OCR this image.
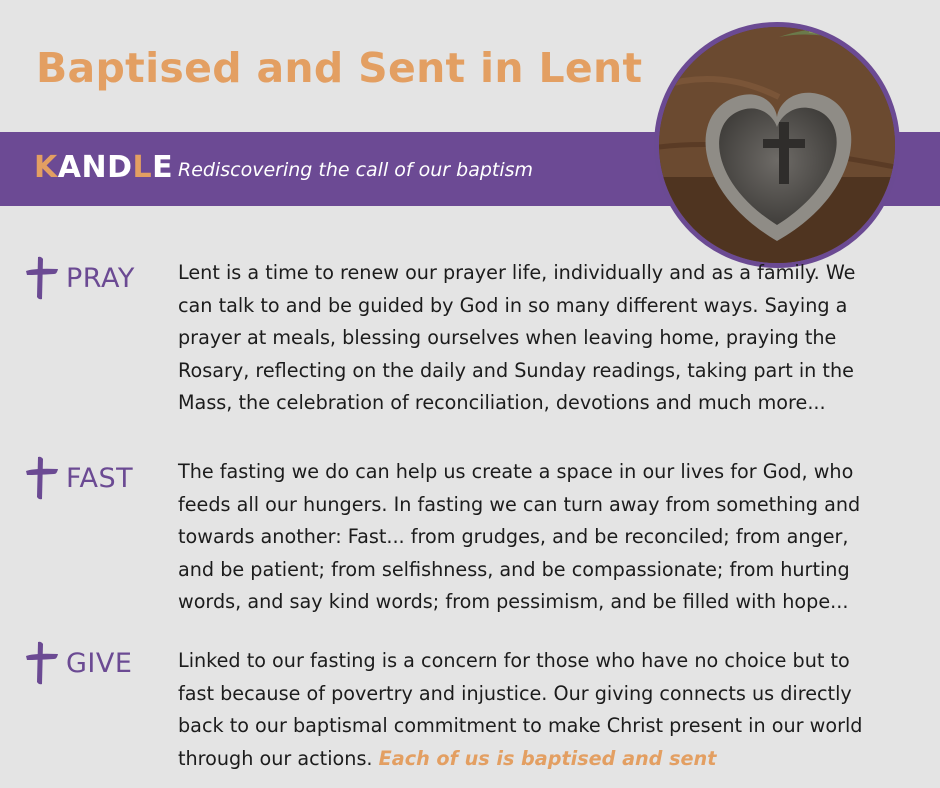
Baptised and Sent in Lent
KANDLE Rediscovering the call of our baptism
PRAY Lent is a time to renew our prayer life, individually and as a family. We
can talk to and be guided by God in so many different ways. Saying a
prayer at meals, blessing ourselves when leaving home, praying the
Rosary, reflecting on the daily and Sunday readings, taking part in the
Mass, the celebration of reconciliation, devotions and much more...
FAST The fasting we do can help us create a space in our lives for God, who
feeds all our hungers. In fasting we can turn away from something and
towards another: Fast... from grudges, and be reconciled; from anger,
and be patient; from selfishness, and be compassionate; from hurting
words, and say kind words; from pessimism, and be filled with hope...
GIVE Linked to our fasting is a concern for those who have no choice but to
fast because of povertry and injustice. Our giving connects us directly
back to our baptismal commitment to make Christ present in our world
through our actions. Each of us is baptised and sent
